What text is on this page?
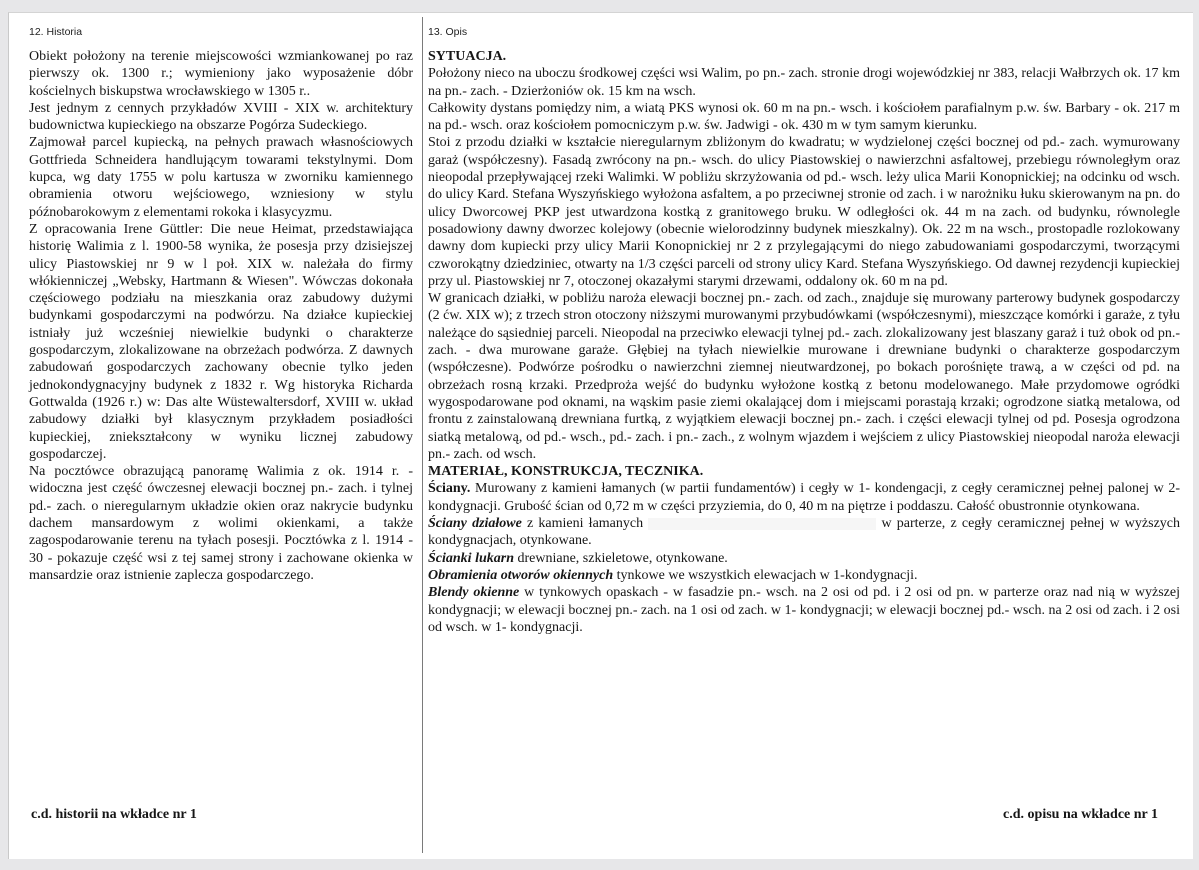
12. Historia

Obiekt położony na terenie miejscowości wzmiankowanej po raz pierwszy ok. 1300 r.; wymieniony jako wyposażenie dóbr kościelnych biskupstwa wrocławskiego w 1305 r..

Jest jednym z cennych przykładów XVIII - XIX w. architektury budownictwa kupieckiego na obszarze Pogórza Sudeckiego.

Zajmował parcel kupiecką, na pełnych prawach własnościowych Gottfrieda Schneidera handlującym towarami tekstylnymi. Dom kupca, wg daty 1755 w polu kartusza w zworniku kamiennego obramienia otworu wejściowego, wzniesiony w stylu późnobarokowym z elementami rokoka i klasycyzmu.

Z opracowania Irene Güttler: Die neue Heimat, przedstawiająca historię Walimia z l. 1900-58 wynika, że posesja przy dzisiejszej ulicy Piastowskiej nr 9 w l poł. XIX w. należała do firmy włókienniczej „Websky, Hartmann & Wiesen". Wówczas dokonała częściowego podziału na mieszkania oraz zabudowy dużymi budynkami gospodarczymi na podwórzu. Na działce kupieckiej istniały już wcześniej niewielkie budynki o charakterze gospodarczym, zlokalizowane na obrzeżach podwórza. Z dawnych zabudowań gospodarczych zachowany obecnie tylko jeden jednokondygnacyjny budynek z 1832 r. Wg historyka Richarda Gottwalda (1926 r.) w: Das alte Wüstewaltersdorf, XVIII w. układ zabudowy działki był klasycznym przykładem posiadłości kupieckiej, zniekształcony w wyniku licznej zabudowy gospodarczej.

Na pocztówce obrazującą panoramę Walimia z ok. 1914 r. - widoczna jest część ówczesnej elewacji bocznej pn.- zach. i tylnej pd.- zach. o nieregularnym układzie okien oraz nakrycie budynku dachem mansardowym z wolimi okienkami, a także zagospodarowanie terenu na tyłach posesji. Pocztówka z l. 1914 - 30 - pokazuje część wsi z tej samej strony i zachowane okienka w mansardzie oraz istnienie zaplecza gospodarczego.

c.d. historii na wkładce nr 1
13. Opis

SYTUACJA.

Położony nieco na uboczu środkowej części wsi Walim, po pn.- zach. stronie drogi wojewódzkiej nr 383, relacji Wałbrzych ok. 17 km na pn.- zach. - Dzierżoniów ok. 15 km na wsch.

Całkowity dystans pomiędzy nim, a wiatą PKS wynosi ok. 60 m na pn.- wsch. i kościołem parafialnym p.w. św. Barbary - ok. 217 m na pd.- wsch. oraz kościołem pomocniczym p.w. św. Jadwigi - ok. 430 m w tym samym kierunku.

Stoi z przodu działki w kształcie nieregularnym zbliżonym do kwadratu; w wydzielonej części bocznej od pd.- zach. wymurowany garaż (współczesny). Fasadą zwrócony na pn.- wsch. do ulicy Piastowskiej o nawierzchni asfaltowej, przebiegu równoległym oraz nieopodal przepływającej rzeki Walimki. W pobliżu skrzyżowania od pd.- wsch. leży ulica Marii Konopnickiej; na odcinku od wsch. do ulicy Kard. Stefana Wyszyńskiego wyłożona asfaltem, a po przeciwnej stronie od zach. i w narożniku łuku skierowanym na pn. do ulicy Dworcowej PKP jest utwardzona kostką z granitowego bruku. W odległości ok. 44 m na zach. od budynku, równolegle posadowiony dawny dworzec kolejowy (obecnie wielorodzinny budynek mieszkalny). Ok. 22 m na wsch., prostopadle rozlokowany dawny dom kupiecki przy ulicy Marii Konopnickiej nr 2 z przylegającymi do niego zabudowaniami gospodarczymi, tworzącymi czworokątny dziedziniec, otwarty na 1/3 części parceli od strony ulicy Kard. Stefana Wyszyńskiego. Od dawnej rezydencji kupieckiej przy ul. Piastowskiej nr 7, otoczonej okazałymi starymi drzewami, oddalony ok. 60 m na pd.

W granicach działki, w pobliżu naroża elewacji bocznej pn.- zach. od zach., znajduje się murowany parterowy budynek gospodarczy (2 ćw. XIX w); z trzech stron otoczony niższymi murowanymi przybudówkami (współczesnymi), mieszczące komórki i garaże, z tyłu należące do sąsiedniej parceli. Nieopodal na przeciwko elewacji tylnej pd.- zach. zlokalizowany jest blaszany garaż i tuż obok od pn.- zach. - dwa murowane garaże. Głębiej na tyłach niewielkie murowane i drewniane budynki o charakterze gospodarczym (współczesne). Podwórze pośrodku o nawierzchni ziemnej nieutwardzonej, po bokach porośnięte trawą, a w części od pd. na obrzeżach rosną krzaki. Przedproża wejść do budynku wyłożone kostką z betonu modelowanego. Małe przydomowe ogródki wygospodarowane pod oknami, na wąskim pasie ziemi okalającej dom i miejscami porastają krzaki; ogrodzone siatką metalowa, od frontu z zainstalowaną drewniana furtką, z wyjątkiem elewacji bocznej pn.- zach. i części elewacji tylnej od pd. Posesja ogrodzona siatką metalową, od pd.- wsch., pd.- zach. i pn.- zach., z wolnym wjazdem i wejściem z ulicy Piastowskiej nieopodal naroża elewacji pn.- zach. od wsch.

MATERIAŁ, KONSTRUKCJA, TECZNIKA.

Ściany. Murowany z kamieni łamanych (w partii fundamentów) i cegły w 1- kondengacji, z cegły ceramicznej pełnej palonej w 2- kondygnacji. Grubość ścian od 0,72 m w części przyziemia, do 0, 40 m na piętrze i poddaszu. Całość obustronnie otynkowana.

Ściany działowe z kamieni łamanych	w parterze, z cegły ceramicznej pełnej w wyższych kondygnacjach, otynkowane.

Ścianki lukarn drewniane, szkieletowe, otynkowane.

Obramienia otworów okiennych tynkowe we wszystkich elewacjach w 1-kondygnacji.

Blendy okienne w tynkowych opaskach - w fasadzie pn.- wsch. na 2 osi od pd. i 2 osi od pn. w parterze oraz nad nią w wyższej kondygnacji; w elewacji bocznej pn.- zach. na 1 osi od zach. w 1- kondygnacji; w elewacji bocznej pd.- wsch. na 2 osi od zach. i 2 osi od wsch. w 1- kondygnacji.

c.d. opisu na wkładce nr 1
